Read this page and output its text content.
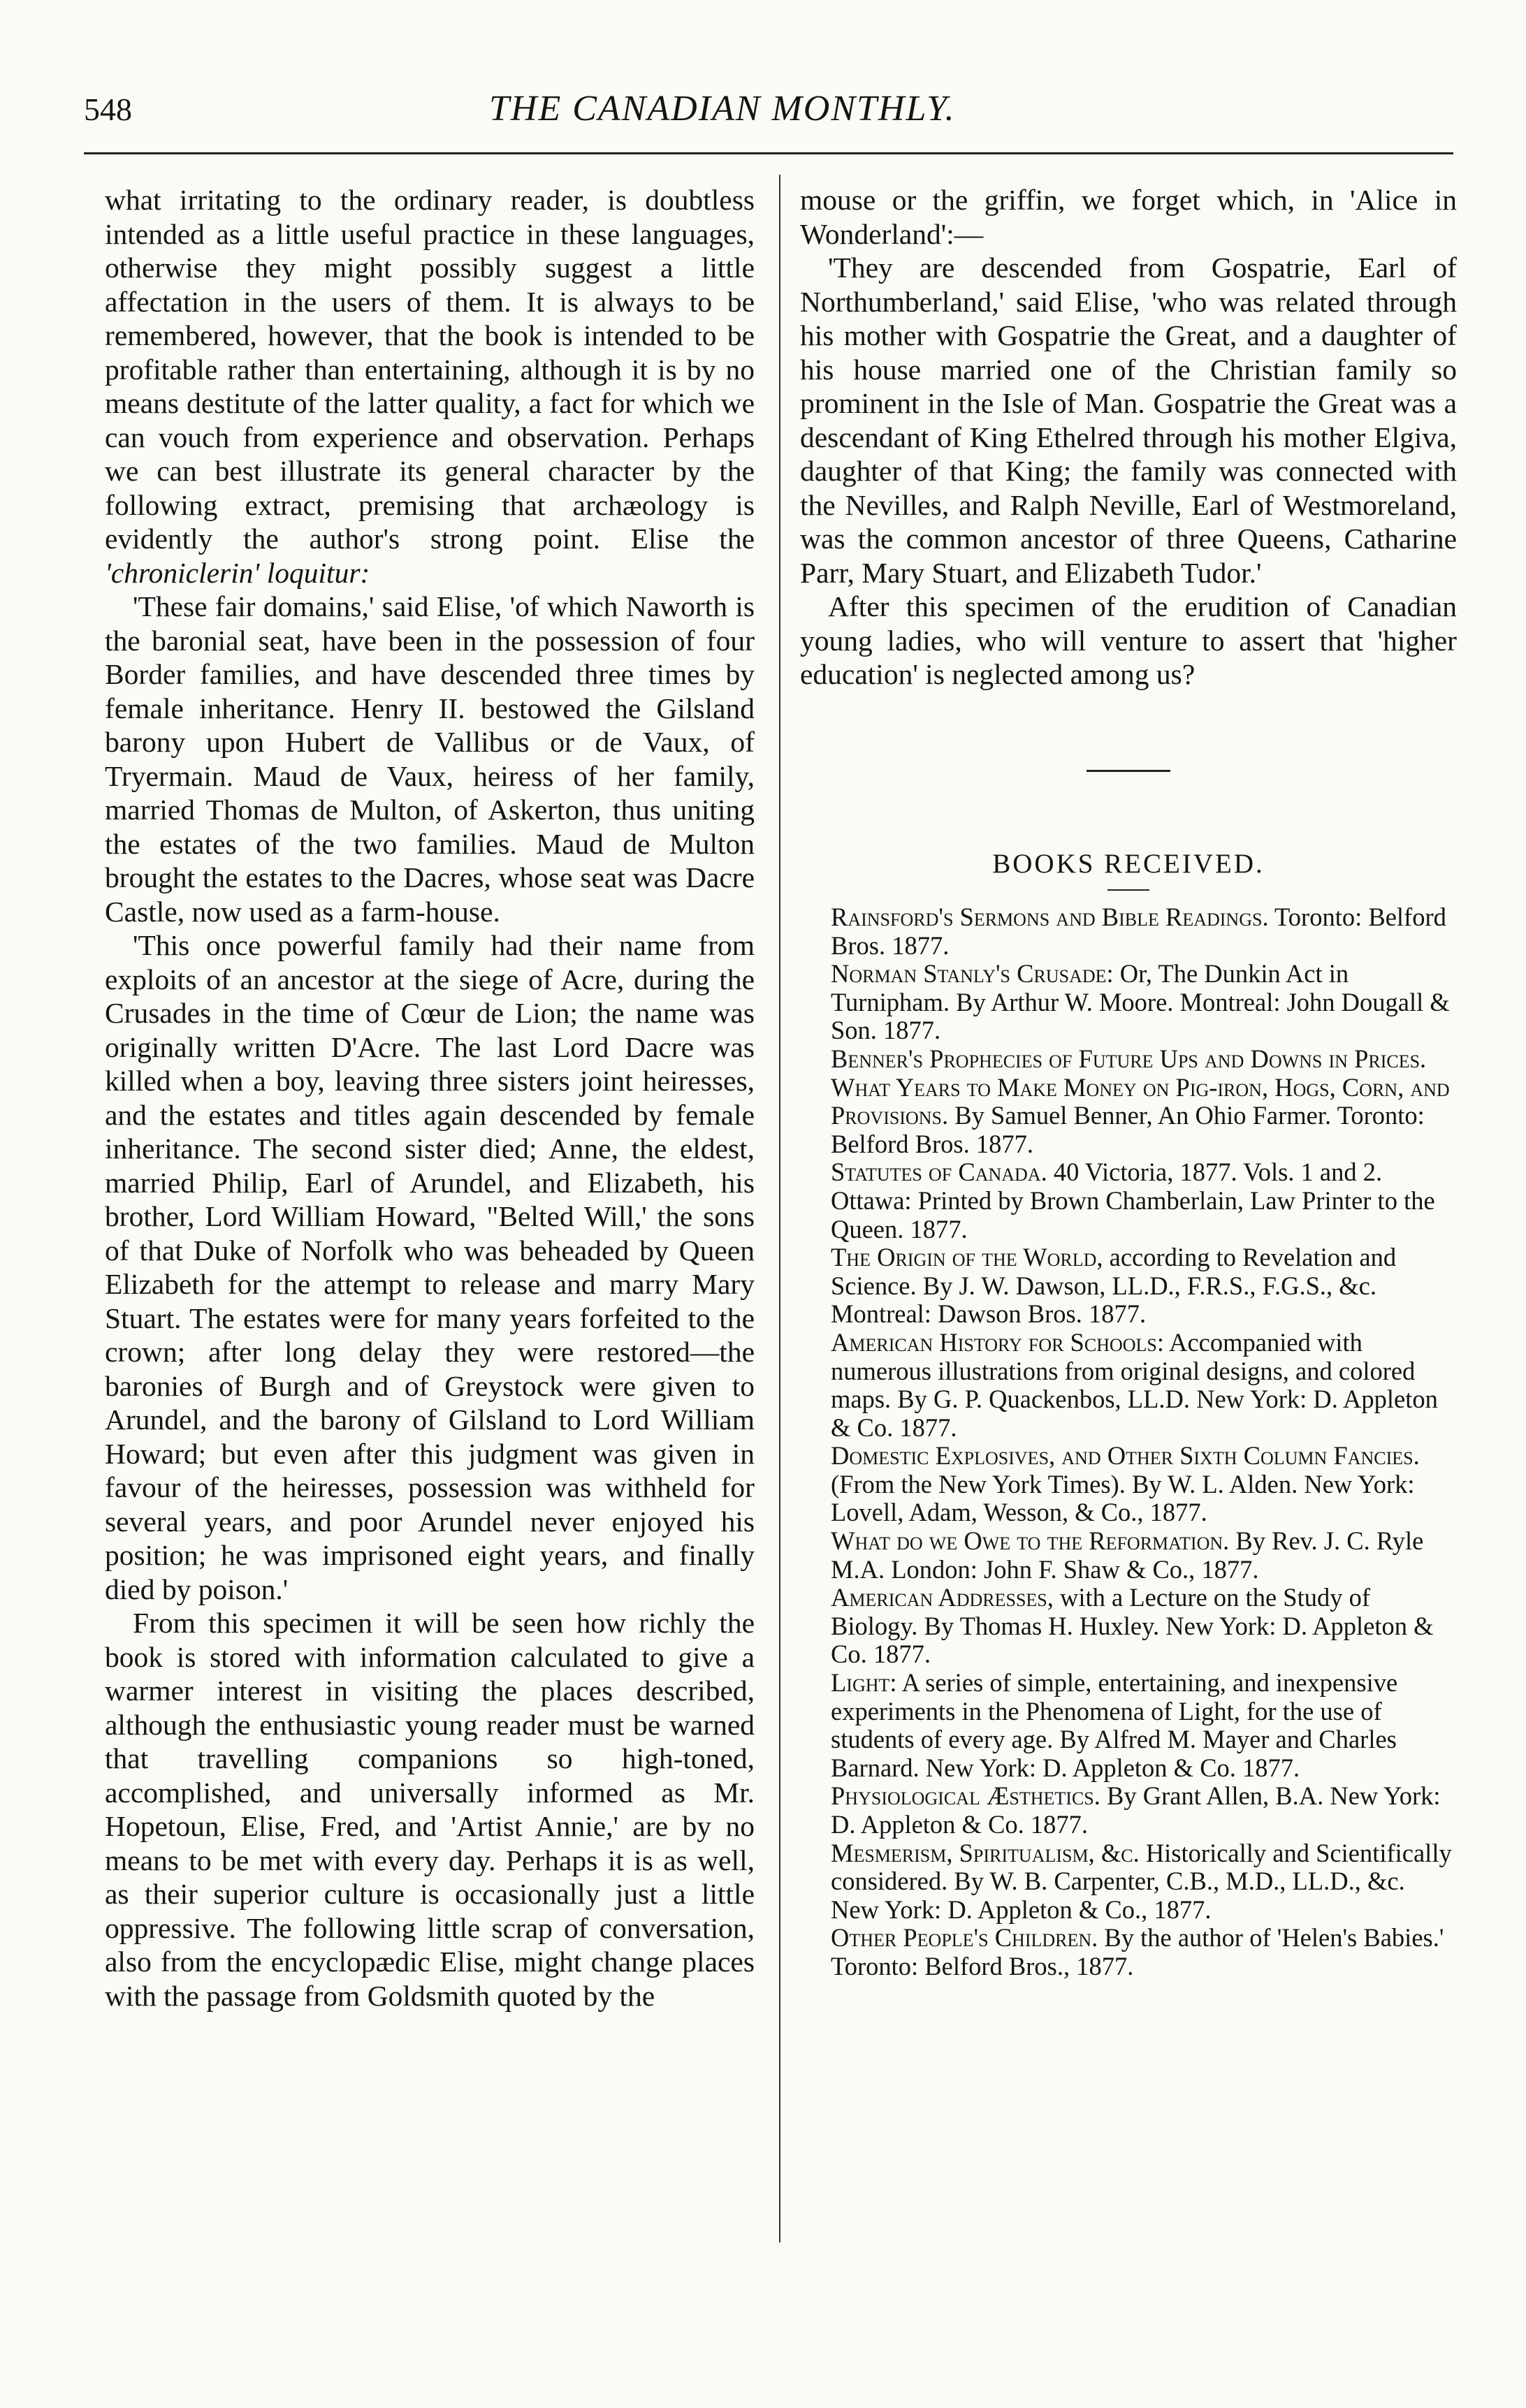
548	THE CANADIAN MONTHLY.

what irritating to the ordinary reader, is doubtless intended as a little useful practice in these languages, otherwise they might possibly suggest a little affectation in the users of them. It is always to be remembered, however, that the book is intended to be profitable rather than entertaining, although it is by no means destitute of the latter quality, a fact for which we can vouch from experience and observation. Perhaps we can best illustrate its general character by the following extract, premising that archæology is evidently the author's strong point. Elise the 'chroniclerin' loquitur:

'These fair domains,' said Elise, 'of which Naworth is the baronial seat, have been in the possession of four Border families, and have descended three times by female inheritance. Henry II. bestowed the Gilsland barony upon Hubert de Vallibus or de Vaux, of Tryermain. Maud de Vaux, heiress of her family, married Thomas de Multon, of Askerton, thus uniting the estates of the two families. Maud de Multon brought the estates to the Dacres, whose seat was Dacre Castle, now used as a farm-house.

'This once powerful family had their name from exploits of an ancestor at the siege of Acre, during the Crusades in the time of Cœur de Lion; the name was originally written D'Acre. The last Lord Dacre was killed when a boy, leaving three sisters joint heiresses, and the estates and titles again descended by female inheritance. The second sister died; Anne, the eldest, married Philip, Earl of Arundel, and Elizabeth, his brother, Lord William Howard, "Belted Will,' the sons of that Duke of Norfolk who was beheaded by Queen Elizabeth for the attempt to release and marry Mary Stuart. The estates were for many years forfeited to the crown; after long delay they were restored—the baronies of Burgh and of Greystock were given to Arundel, and the barony of Gilsland to Lord William Howard; but even after this judgment was given in favour of the heiresses, possession was withheld for several years, and poor Arundel never enjoyed his position; he was imprisoned eight years, and finally died by poison.'

From this specimen it will be seen how richly the book is stored with information calculated to give a warmer interest in visiting the places described, although the enthusiastic young reader must be warned that travelling companions so high-toned, accomplished, and universally informed as Mr. Hopetoun, Elise, Fred, and 'Artist Annie,' are by no means to be met with every day. Perhaps it is as well, as their superior culture is occasionally just a little oppressive. The following little scrap of conversation, also from the encyclopædic Elise, might change places with the passage from Goldsmith quoted by the

mouse or the griffin, we forget which, in 'Alice in Wonderland':—

'They are descended from Gospatrie, Earl of Northumberland,' said Elise, 'who was related through his mother with Gospatrie the Great, and a daughter of his house married one of the Christian family so prominent in the Isle of Man. Gospatrie the Great was a descendant of King Ethelred through his mother Elgiva, daughter of that King; the family was connected with the Nevilles, and Ralph Neville, Earl of Westmoreland, was the common ancestor of three Queens, Catharine Parr, Mary Stuart, and Elizabeth Tudor.'

After this specimen of the erudition of Canadian young ladies, who will venture to assert that 'higher education' is neglected among us?

BOOKS RECEIVED.

Rainsford's Sermons and Bible Readings. Toronto: Belford Bros. 1877.

Norman Stanly's Crusade: Or, The Dunkin Act in Turnipham. By Arthur W. Moore. Montreal: John Dougall & Son. 1877.

Benner's Prophecies of Future Ups and Downs in Prices. What Years to Make Money on Pig-iron, Hogs, Corn, and Provisions. By Samuel Benner, An Ohio Farmer. Toronto: Belford Bros. 1877.

Statutes of Canada. 40 Victoria, 1877. Vols. 1 and 2. Ottawa: Printed by Brown Chamberlain, Law Printer to the Queen. 1877.

The Origin of the World, according to Revelation and Science. By J. W. Dawson, LL.D., F.R.S., F.G.S., &c. Montreal: Dawson Bros. 1877.

American History for Schools: Accompanied with numerous illustrations from original designs, and colored maps. By G. P. Quackenbos, LL.D. New York: D. Appleton & Co. 1877.

Domestic Explosives, and Other Sixth Column Fancies. (From the New York Times). By W. L. Alden. New York: Lovell, Adam, Wesson, & Co., 1877.

What do we Owe to the Reformation. By Rev. J. C. Ryle M.A. London: John F. Shaw & Co., 1877.

American Addresses, with a Lecture on the Study of Biology. By Thomas H. Huxley. New York: D. Appleton & Co. 1877.

Light: A series of simple, entertaining, and inexpensive experiments in the Phenomena of Light, for the use of students of every age. By Alfred M. Mayer and Charles Barnard. New York: D. Appleton & Co. 1877.

Physiological Æsthetics. By Grant Allen, B.A. New York: D. Appleton & Co. 1877.

Mesmerism, Spiritualism, &c. Historically and Scientifically considered. By W. B. Carpenter, C.B., M.D., LL.D., &c. New York: D. Appleton & Co., 1877.

Other People's Children. By the author of 'Helen's Babies.' Toronto: Belford Bros., 1877.
